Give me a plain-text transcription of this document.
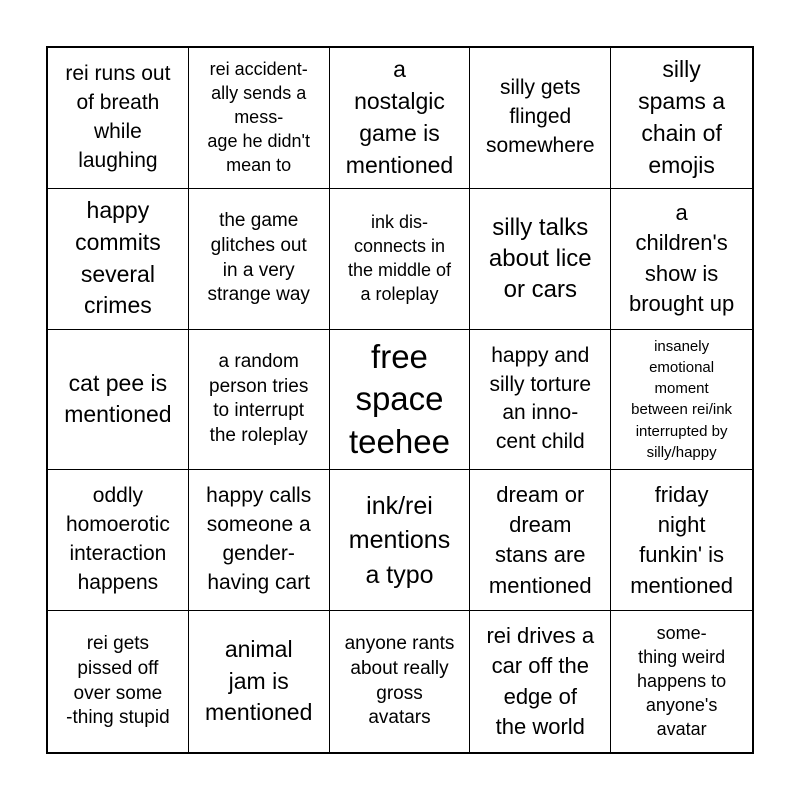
rei runs out
of breath
while
laughing
rei accident-
ally sends a
mess-
age he didn't
mean to
a
nostalgic
game is
mentioned
silly gets
flinged
somewhere
silly
spams a
chain of
emojis
happy
commits
several
crimes
the game
glitches out
in a very
strange way
ink dis-
connects in
the middle of
a roleplay
silly talks
about lice
or cars
a
children's
show is
brought up
cat pee is
mentioned
a random
person tries
to interrupt
the roleplay
free
space
teehee
happy and
silly torture
an inno-
cent child
insanely
emotional
moment
between rei/ink
interrupted by
silly/happy
oddly
homoerotic
interaction
happens
happy calls
someone a
gender-
having cart
ink/rei
mentions
a typo
dream or
dream
stans are
mentioned
friday
night
funkin' is
mentioned
rei gets
pissed off
over some
-thing stupid
animal
jam is
mentioned
anyone rants
about really
gross
avatars
rei drives a
car off the
edge of
the world
some-
thing weird
happens to
anyone's
avatar
